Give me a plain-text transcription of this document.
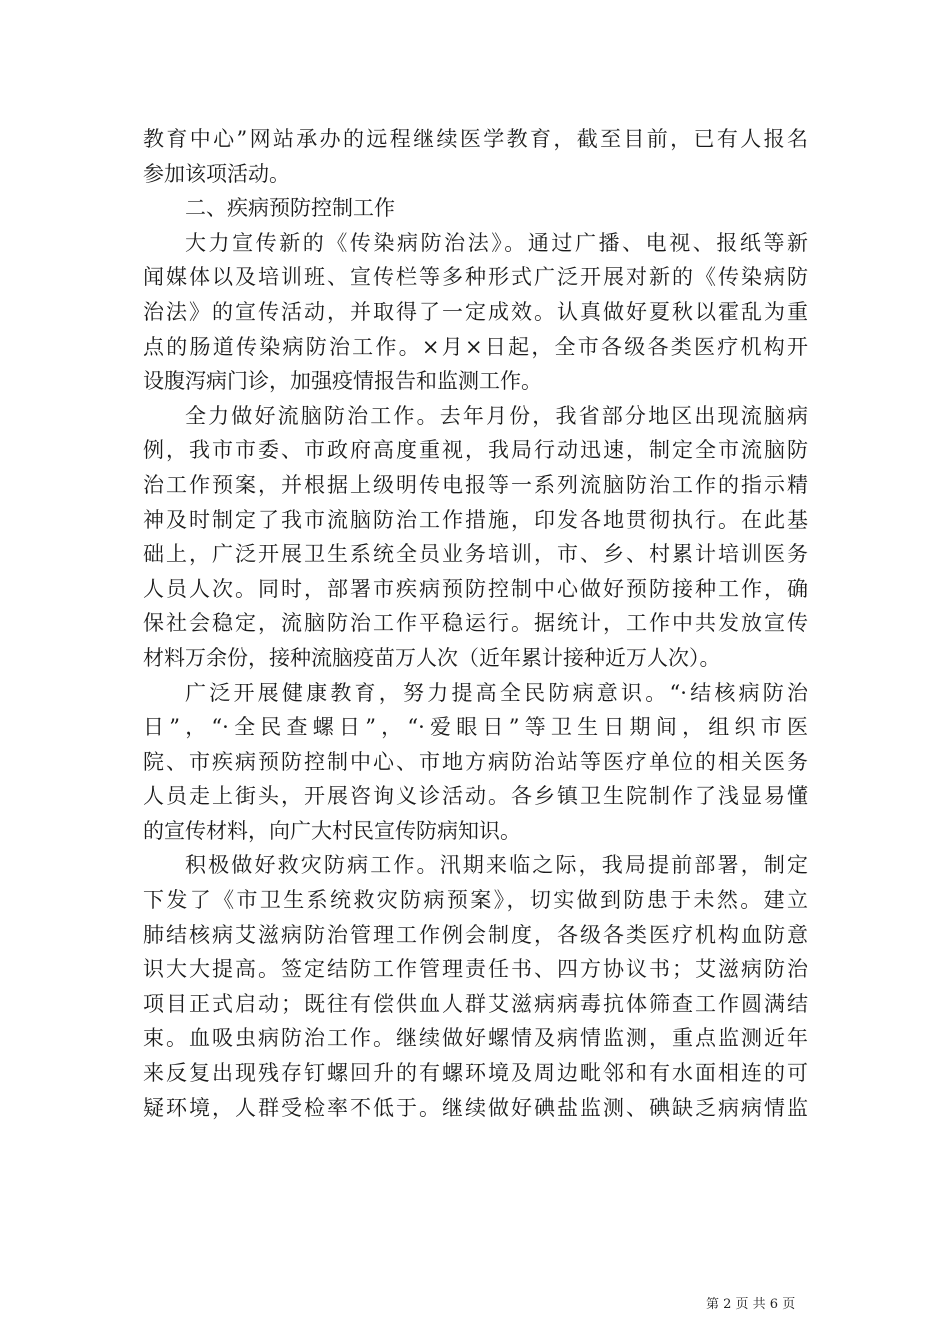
教育中心”网站承办的远程继续医学教育，截至目前，已有人报名
参加该项活动。
二、疾病预防控制工作
大力宣传新的《传染病防治法》。通过广播、电视、报纸等新
闻媒体以及培训班、宣传栏等多种形式广泛开展对新的《传染病防
治法》的宣传活动，并取得了一定成效。认真做好夏秋以霍乱为重
点的肠道传染病防治工作。×月×日起，全市各级各类医疗机构开
设腹泻病门诊，加强疫情报告和监测工作。
全力做好流脑防治工作。去年月份，我省部分地区出现流脑病
例，我市市委、市政府高度重视，我局行动迅速，制定全市流脑防
治工作预案，并根据上级明传电报等一系列流脑防治工作的指示精
神及时制定了我市流脑防治工作措施，印发各地贯彻执行。在此基
础上，广泛开展卫生系统全员业务培训，市、乡、村累计培训医务
人员人次。同时，部署市疾病预防控制中心做好预防接种工作，确
保社会稳定，流脑防治工作平稳运行。据统计，工作中共发放宣传
材料万余份，接种流脑疫苗万人次（近年累计接种近万人次）。
广泛开展健康教育，努力提高全民防病意识。“·结核病防治
日”，“·全民查螺日”，“·爱眼日”等卫生日期间，组织市医
院、市疾病预防控制中心、市地方病防治站等医疗单位的相关医务
人员走上街头，开展咨询义诊活动。各乡镇卫生院制作了浅显易懂
的宣传材料，向广大村民宣传防病知识。
积极做好救灾防病工作。汛期来临之际，我局提前部署，制定
下发了《市卫生系统救灾防病预案》，切实做到防患于未然。建立
肺结核病艾滋病防治管理工作例会制度，各级各类医疗机构血防意
识大大提高。签定结防工作管理责任书、四方协议书；艾滋病防治
项目正式启动；既往有偿供血人群艾滋病病毒抗体筛查工作圆满结
束。血吸虫病防治工作。继续做好螺情及病情监测，重点监测近年
来反复出现残存钉螺回升的有螺环境及周边毗邻和有水面相连的可
疑环境，人群受检率不低于。继续做好碘盐监测、碘缺乏病病情监
第 2 页 共 6 页
